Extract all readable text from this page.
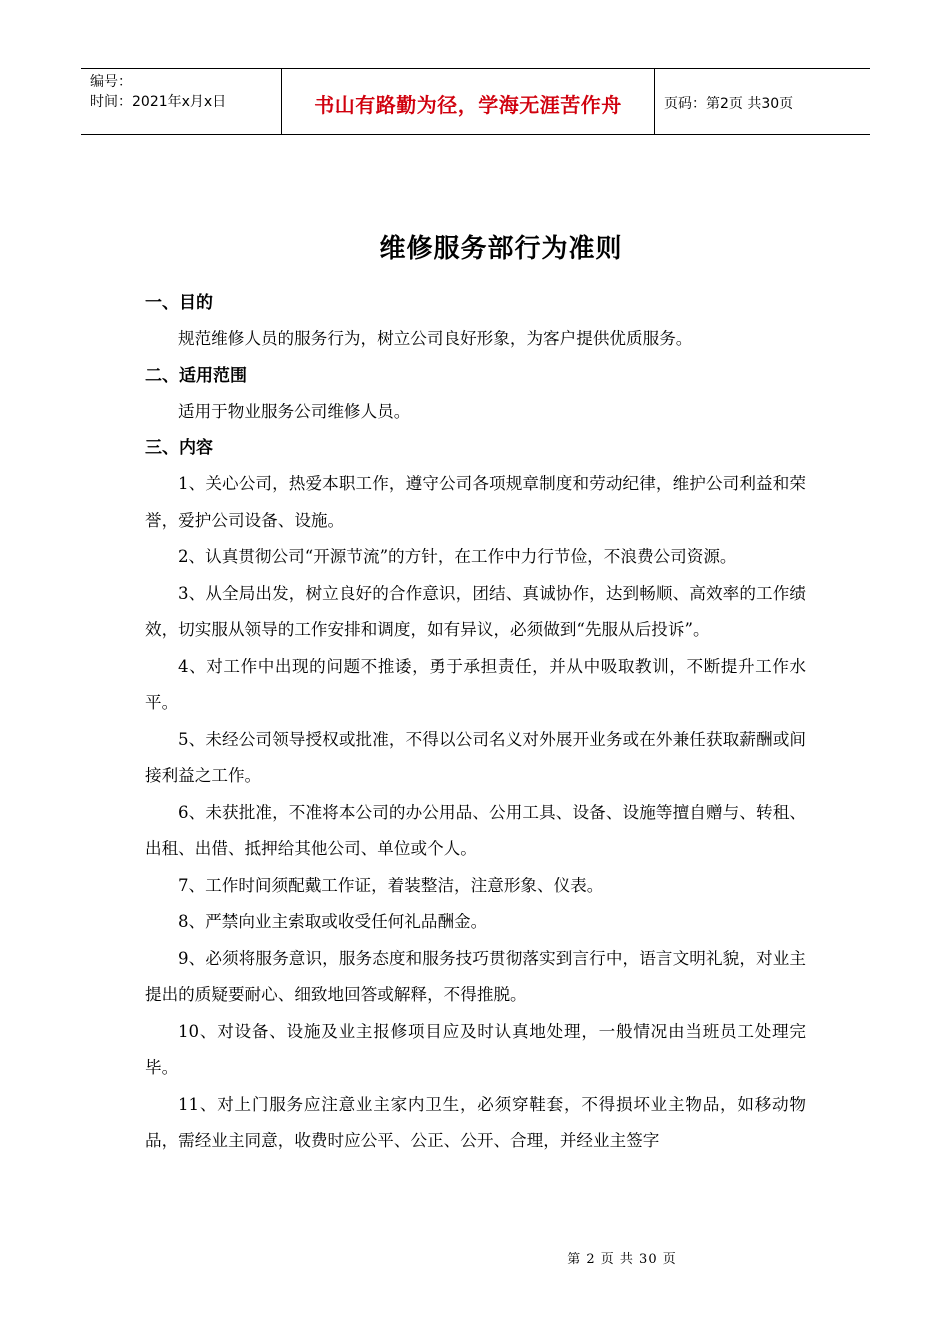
编号：
时间：2021年x月x日	书山有路勤为径，学海无涯苦作舟	页码：第2页 共30页
维修服务部行为准则
一、目的

规范维修人员的服务行为，树立公司良好形象，为客户提供优质服务。

二、适用范围

适用于物业服务公司维修人员。

三、内容

1、关心公司，热爱本职工作，遵守公司各项规章制度和劳动纪律，维护公司利益和荣誉，爱护公司设备、设施。

2、认真贯彻公司“开源节流”的方针，在工作中力行节俭，不浪费公司资源。

3、从全局出发，树立良好的合作意识，团结、真诚协作，达到畅顺、高效率的工作绩效，切实服从领导的工作安排和调度，如有异议，必须做到“先服从后投诉”。

4、对工作中出现的问题不推诿，勇于承担责任，并从中吸取教训，不断提升工作水平。

5、未经公司领导授权或批准，不得以公司名义对外展开业务或在外兼任获取薪酬或间接利益之工作。

6、未获批准，不准将本公司的办公用品、公用工具、设备、设施等擅自赠与、转租、出租、出借、抵押给其他公司、单位或个人。

7、工作时间须配戴工作证，着装整洁，注意形象、仪表。

8、严禁向业主索取或收受任何礼品酬金。

9、必须将服务意识，服务态度和服务技巧贯彻落实到言行中，语言文明礼貌，对业主提出的质疑要耐心、细致地回答或解释，不得推脱。

10、对设备、设施及业主报修项目应及时认真地处理，一般情况由当班员工处理完毕。

11、对上门服务应注意业主家内卫生，必须穿鞋套，不得损坏业主物品，如移动物品，需经业主同意，收费时应公平、公正、公开、合理，并经业主签字

第 2 页 共 30 页
